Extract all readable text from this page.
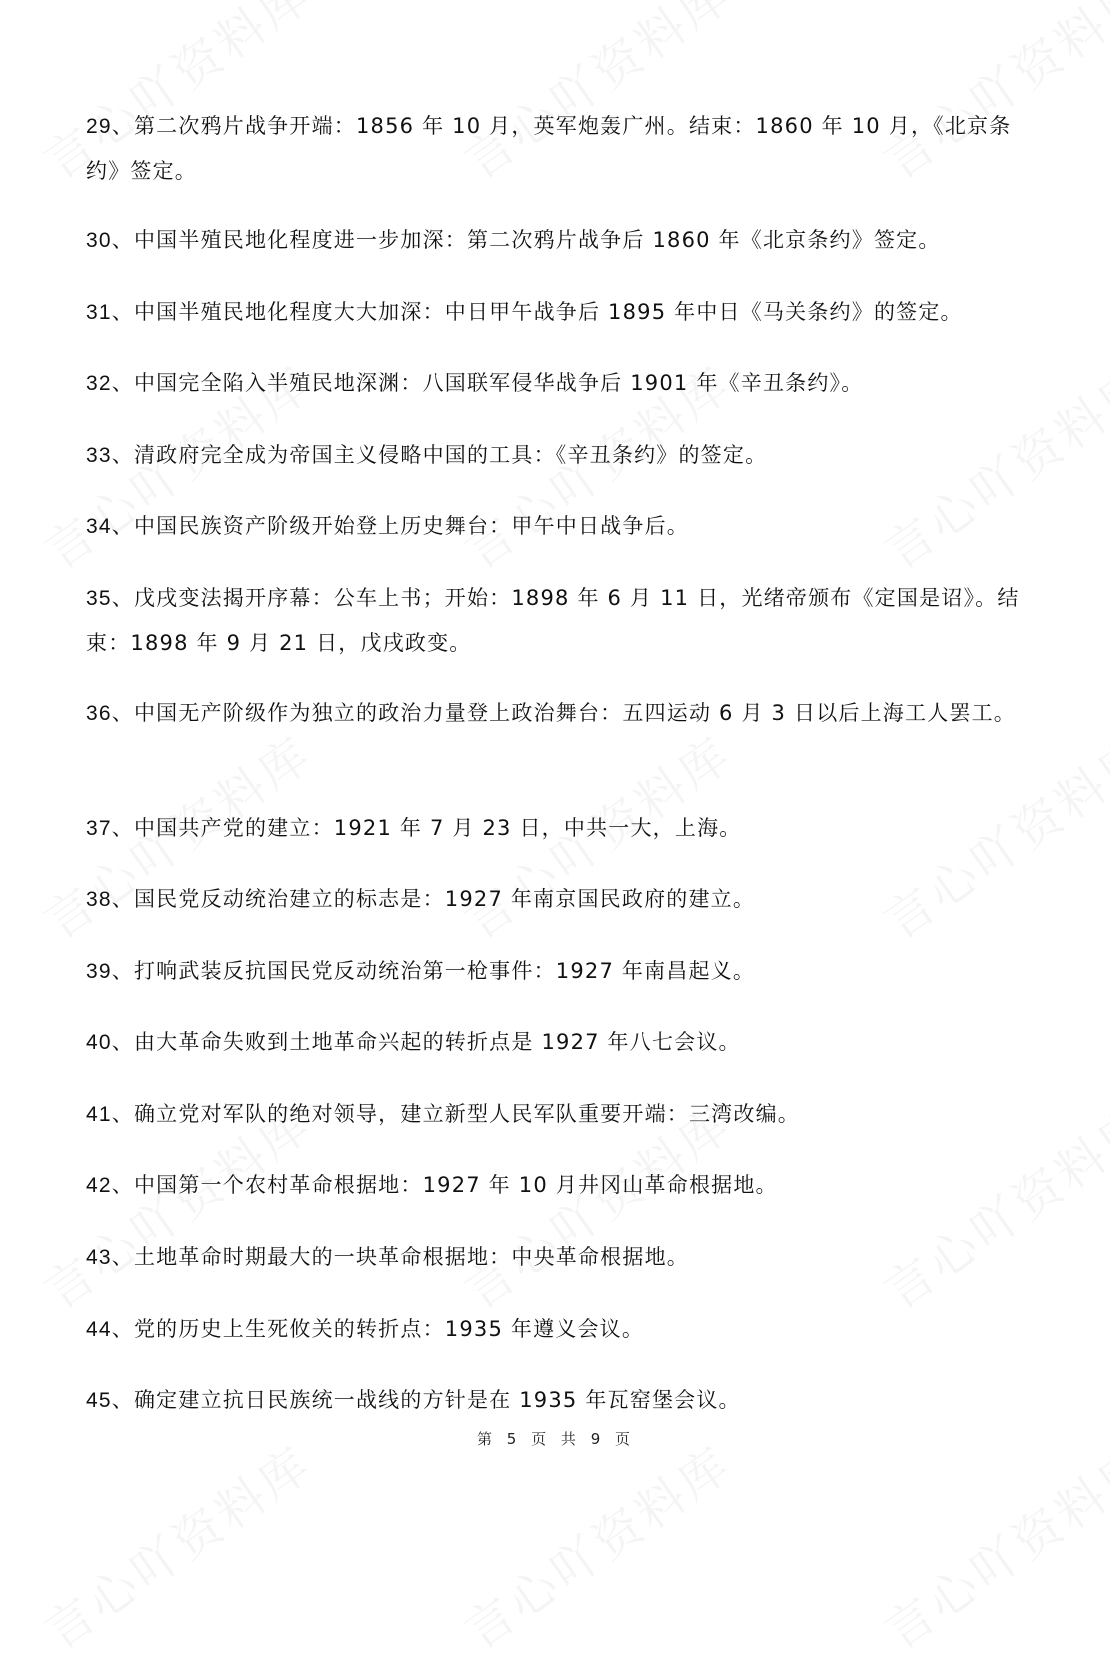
29、第二次鸦片战争开端：1856 年 10 月，英军炮轰广州。结束：1860 年 10 月，《北京条约》签定。
30、中国半殖民地化程度进一步加深：第二次鸦片战争后 1860 年《北京条约》签定。
31、中国半殖民地化程度大大加深：中日甲午战争后 1895 年中日《马关条约》的签定。
32、中国完全陷入半殖民地深渊：八国联军侵华战争后 1901 年《辛丑条约》。
33、清政府完全成为帝国主义侵略中国的工具：《辛丑条约》的签定。
34、中国民族资产阶级开始登上历史舞台：甲午中日战争后。
35、戊戌变法揭开序幕：公车上书；开始：1898 年 6 月 11 日，光绪帝颁布《定国是诏》。结束：1898 年 9 月 21 日，戊戌政变。
36、中国无产阶级作为独立的政治力量登上政治舞台：五四运动 6 月 3 日以后上海工人罢工。
37、中国共产党的建立：1921 年 7 月 23 日，中共一大，上海。
38、国民党反动统治建立的标志是：1927 年南京国民政府的建立。
39、打响武装反抗国民党反动统治第一枪事件：1927 年南昌起义。
40、由大革命失败到土地革命兴起的转折点是 1927 年八七会议。
41、确立党对军队的绝对领导，建立新型人民军队重要开端：三湾改编。
42、中国第一个农村革命根据地：1927 年 10 月井冈山革命根据地。
43、土地革命时期最大的一块革命根据地：中央革命根据地。
44、党的历史上生死攸关的转折点：1935 年遵义会议。
45、确定建立抗日民族统一战线的方针是在 1935 年瓦窑堡会议。
第 5 页 共 9 页
